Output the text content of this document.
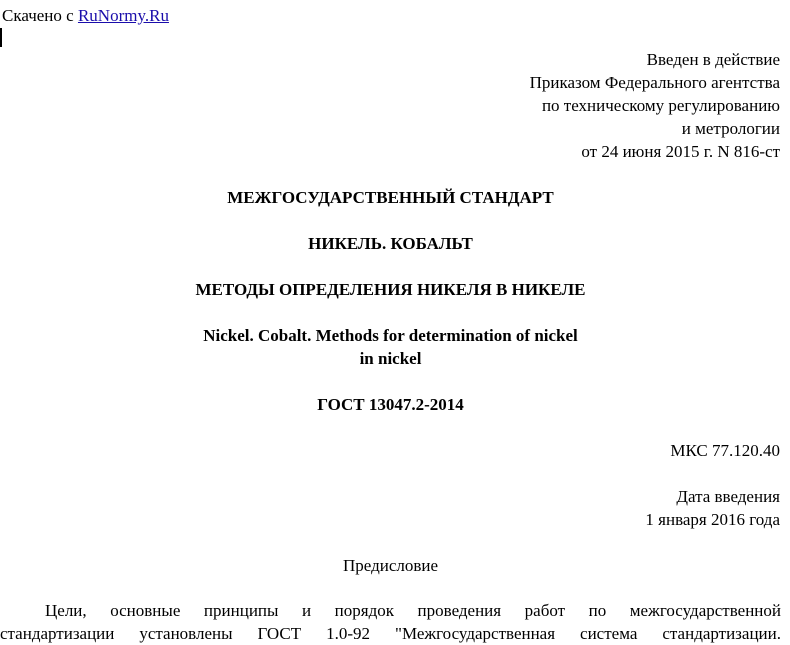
Скачено с RuNormy.Ru
Введен в действие
Приказом Федерального агентства
по техническому регулированию
и метрологии
от 24 июня 2015 г. N 816-ст
МЕЖГОСУДАРСТВЕННЫЙ СТАНДАРТ
НИКЕЛЬ. КОБАЛЬТ
МЕТОДЫ ОПРЕДЕЛЕНИЯ НИКЕЛЯ В НИКЕЛЕ
Nickel. Cobalt. Methods for determination of nickel
in nickel
ГОСТ 13047.2-2014
МКС 77.120.40
Дата введения
1 января 2016 года
Предисловие
Цели, основные принципы и порядок проведения работ по межгосударственной
стандартизации установлены ГОСТ 1.0-92 "Межгосударственная система стандартизации.
